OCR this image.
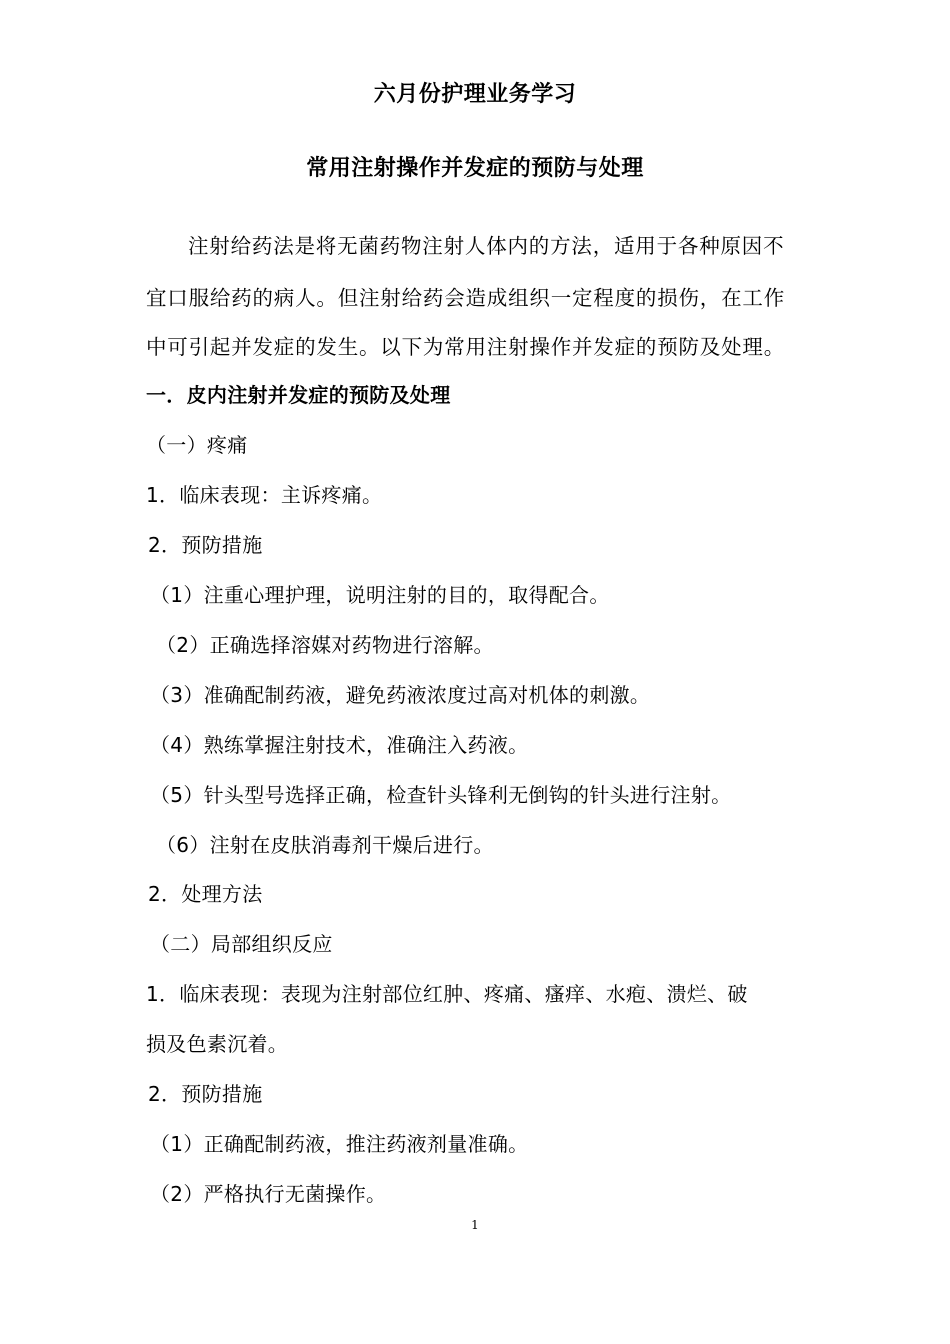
六月份护理业务学习
常用注射操作并发症的预防与处理
注射给药法是将无菌药物注射人体内的方法，适用于各种原因不
宜口服给药的病人。但注射给药会造成组织一定程度的损伤，在工作
中可引起并发症的发生。以下为常用注射操作并发症的预防及处理。
一．皮内注射并发症的预防及处理
（一）疼痛
1．临床表现：主诉疼痛。
2．预防措施
（1）注重心理护理，说明注射的目的，取得配合。
（2）正确选择溶媒对药物进行溶解。
（3）准确配制药液，避免药液浓度过高对机体的刺激。
（4）熟练掌握注射技术，准确注入药液。
（5）针头型号选择正确，检查针头锋利无倒钩的针头进行注射。
（6）注射在皮肤消毒剂干燥后进行。
2．处理方法
（二）局部组织反应
1．临床表现：表现为注射部位红肿、疼痛、瘙痒、水疱、溃烂、破
损及色素沉着。
2．预防措施
（1）正确配制药液，推注药液剂量准确。
（2）严格执行无菌操作。
1
